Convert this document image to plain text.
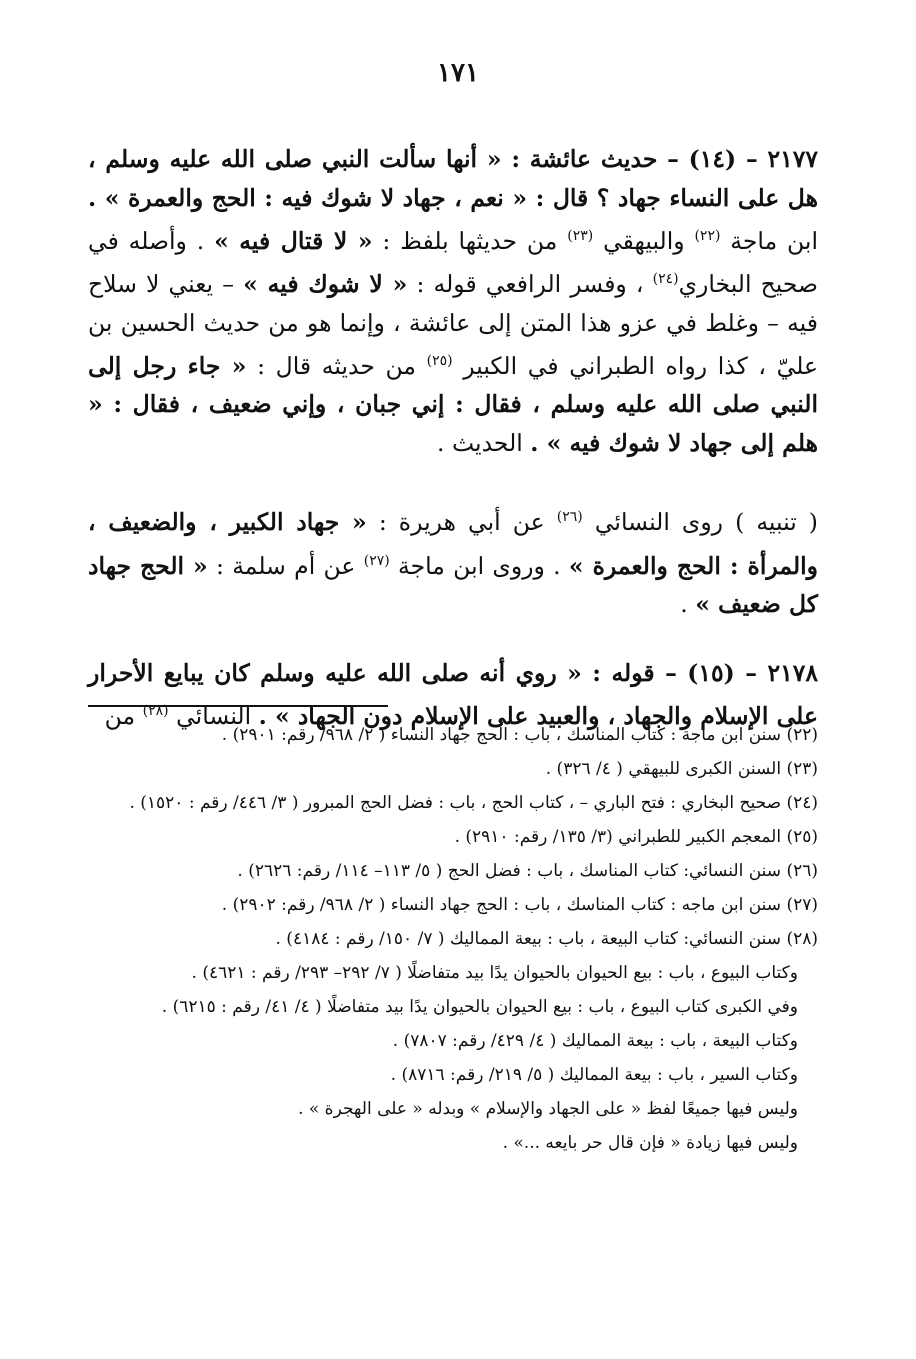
١٧١

٢١٧٧ – (١٤) – حديث عائشة : « أنها سألت النبي صلى الله عليه وسلم ، هل على النساء جهاد ؟ قال : « نعم ، جهاد لا شوك فيه : الحج والعمرة » . ابن ماجة $^{(٢٢)}$ والبيهقي $^{(٢٣)}$ من حديثها بلفظ : « لا قتال فيه » . وأصله في صحيح البخاري$^{(٢٤)}$ ، وفسر الرافعي قوله : « لا شوك فيه » – يعني لا سلاح فيه – وغلط في عزو هذا المتن إلى عائشة ، وإنما هو من حديث الحسين بن عليّ ، كذا رواه الطبراني في الكبير $^{(٢٥)}$ من حديثه قال : « جاء رجل إلى النبي صلى الله عليه وسلم ، فقال : إني جبان ، وإني ضعيف ، فقال : « هلم إلى جهاد لا شوك فيه » . الحديث .

( تنبيه ) روى النسائي $^{(٢٦)}$ عن أبي هريرة : « جهاد الكبير ، والضعيف ، والمرأة : الحج والعمرة » . وروى ابن ماجة $^{(٢٧)}$ عن أم سلمة : « الحج جهاد كل ضعيف » .

٢١٧٨ – (١٥) – قوله : « روي أنه صلى الله عليه وسلم كان يبايع الأحرار على الإسلام والجهاد ، والعبيد على الإسلام دون الجهاد » . النسائي $^{(٢٨)}$ من

(٢٢) سنن ابن ماجة : كتاب المناسك ، باب : الحج جهاد النساء ( ٢/ ٩٦٨/ رقم: ٢٩٠١) .

(٢٣) السنن الكبرى للبيهقي ( ٤/ ٣٢٦) .

(٢٤) صحيح البخاري : فتح الباري – ، كتاب الحج ، باب : فضل الحج المبرور ( ٣/ ٤٤٦/ رقم : ١٥٢٠) .

(٢٥) المعجم الكبير للطبراني (٣/ ١٣٥/ رقم: ٢٩١٠) .

(٢٦) سنن النسائي: كتاب المناسك ، باب : فضل الحج ( ٥/ ١١٣– ١١٤/ رقم: ٢٦٢٦) .

(٢٧) سنن ابن ماجه : كتاب المناسك ، باب : الحج جهاد النساء ( ٢/ ٩٦٨/ رقم: ٢٩٠٢) .

(٢٨) سنن النسائي: كتاب البيعة ، باب : بيعة المماليك ( ٧/ ١٥٠/ رقم : ٤١٨٤) .

وكتاب البيوع ، باب : بيع الحيوان بالحيوان يدًا بيد متفاضلًا ( ٧/ ٢٩٢– ٢٩٣/ رقم : ٤٦٢١) .

وفي الكبرى كتاب البيوع ، باب : بيع الحيوان بالحيوان يدًا بيد متفاضلًا ( ٤/ ٤١/ رقم : ٦٢١٥) .

وكتاب البيعة ، باب : بيعة المماليك ( ٤/ ٤٢٩/ رقم: ٧٨٠٧) .

وكتاب السير ، باب : بيعة المماليك ( ٥/ ٢١٩/ رقم: ٨٧١٦) .

وليس فيها جميعًا لفظ « على الجهاد والإسلام » وبدله « على الهجرة » .

وليس فيها زيادة « فإن قال حر بايعه ...» .
